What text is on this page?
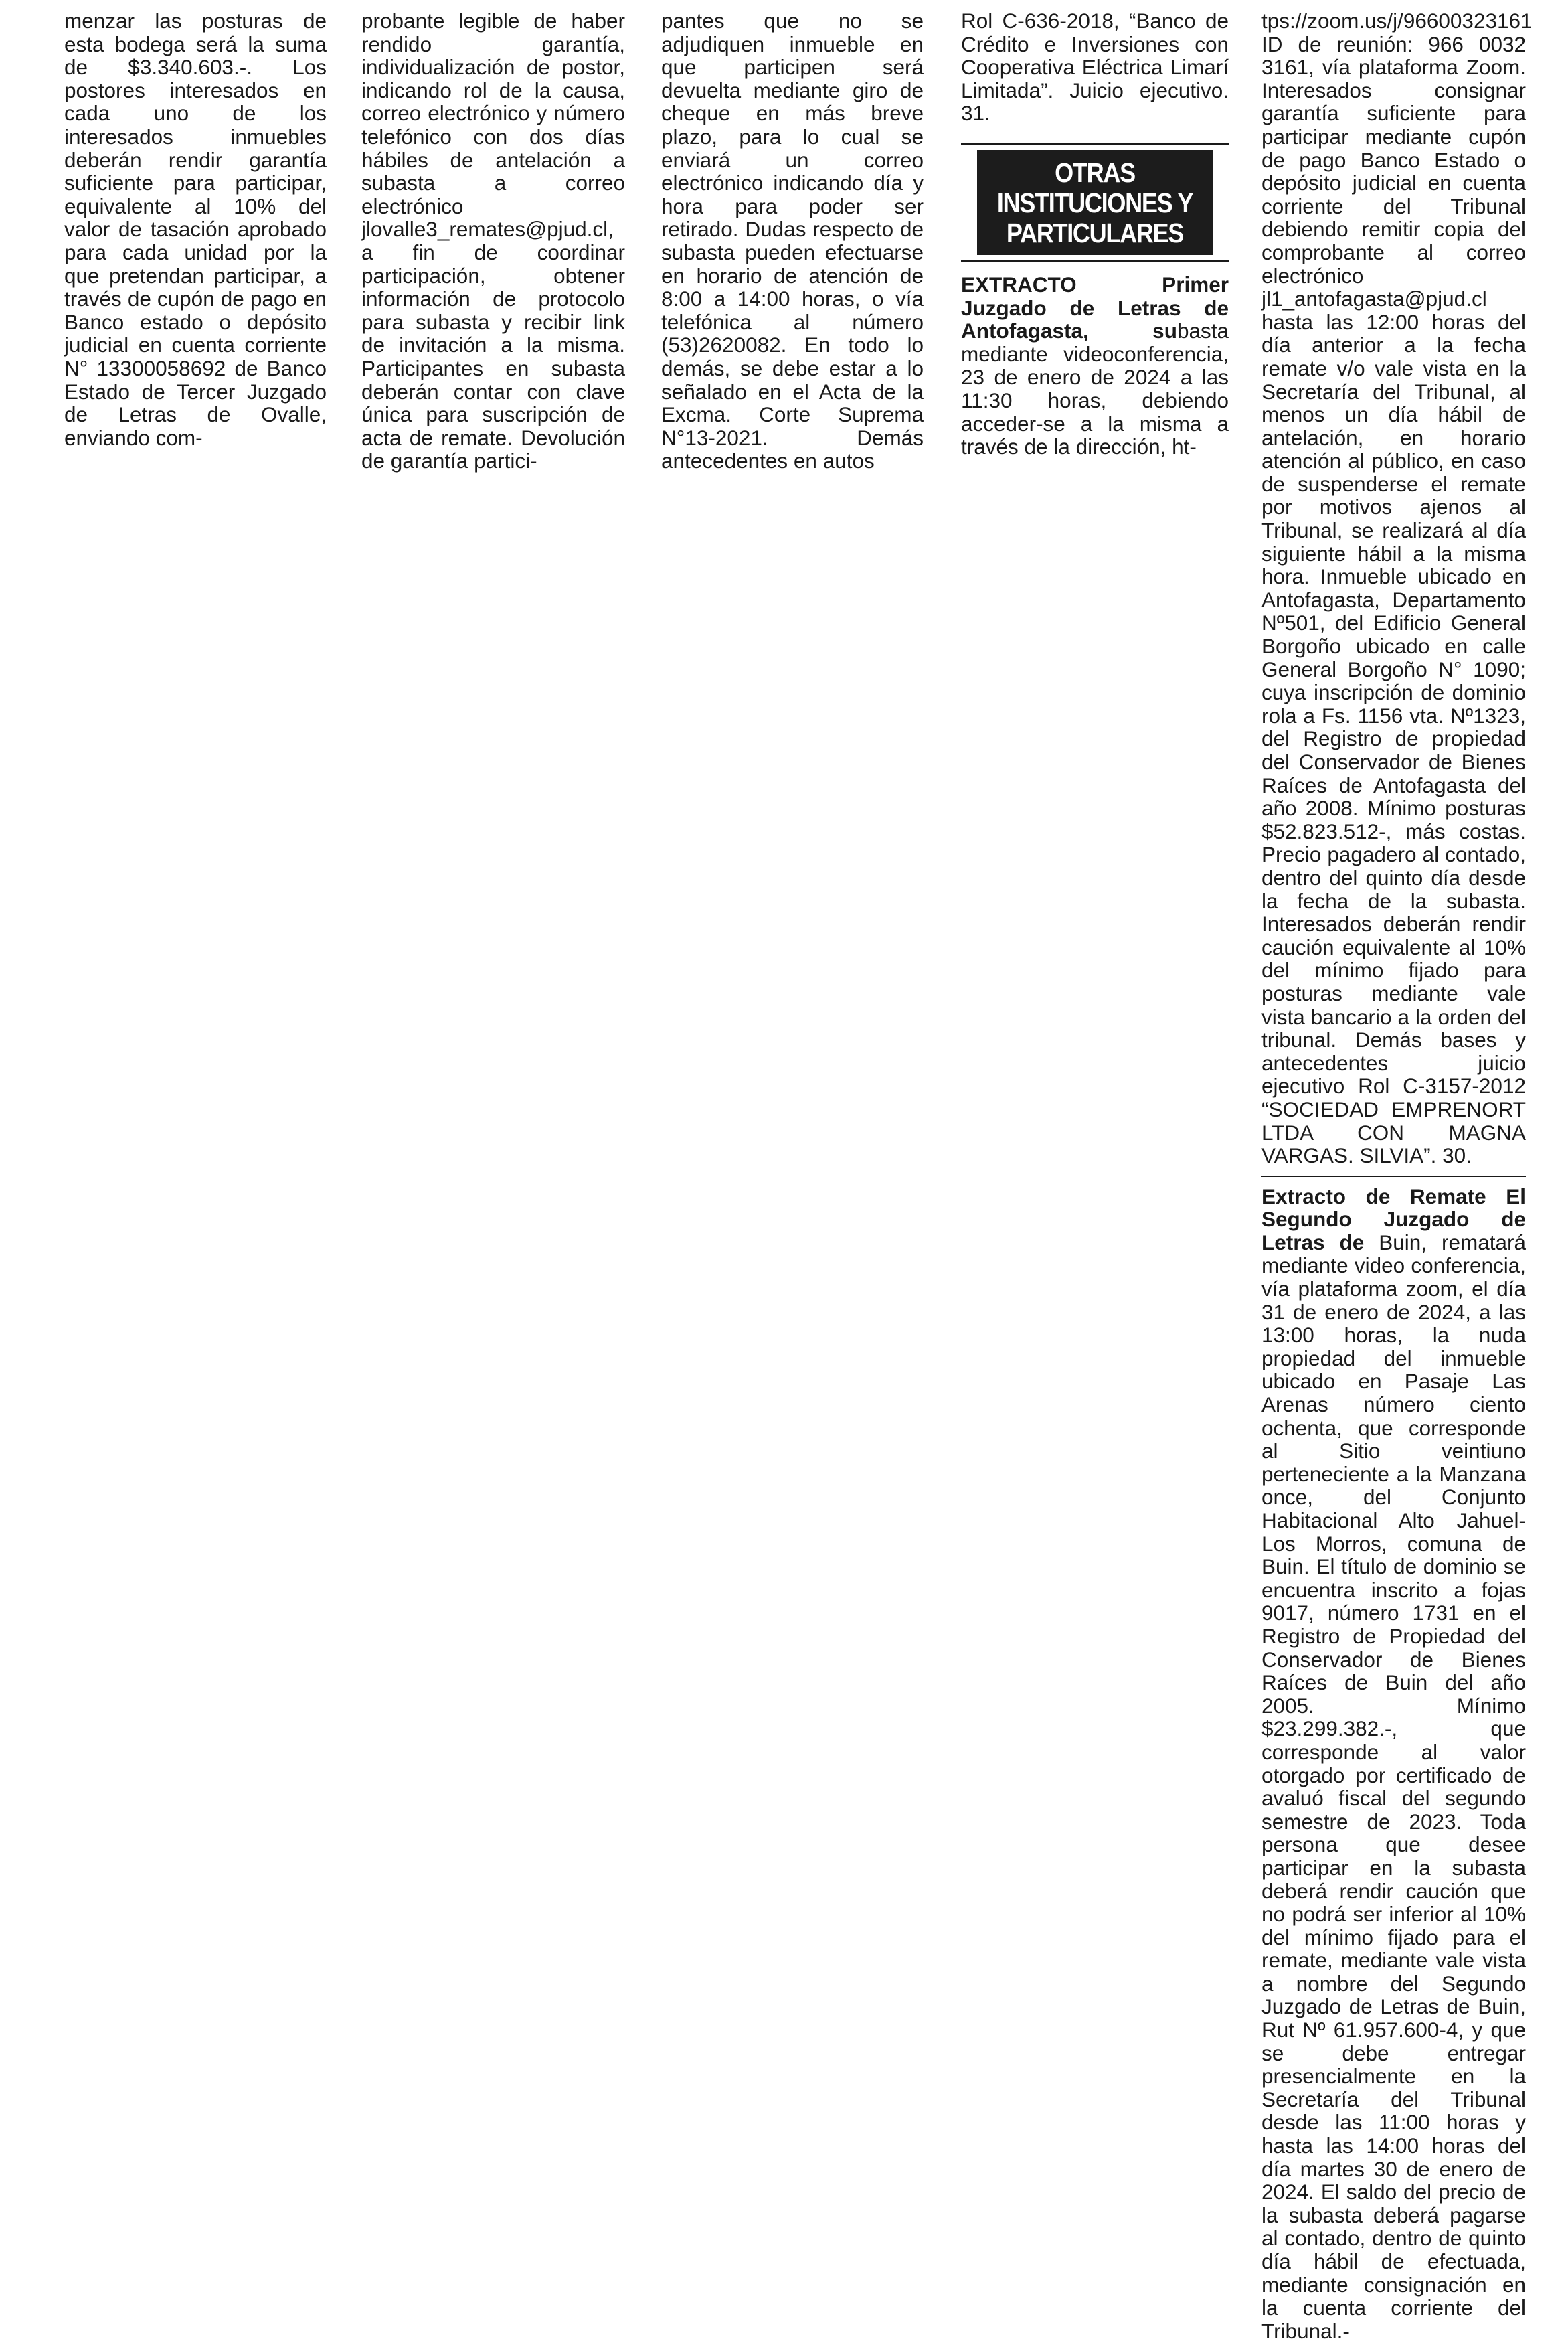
menzar las posturas de esta bodega será la suma de $3.340.603.-. Los postores interesados en cada uno de los interesados inmuebles deberán rendir garantía suficiente para participar, equivalente al 10% del valor de tasación aprobado para cada unidad por la que pretendan participar, a través de cupón de pago en Banco estado o depósito judicial en cuenta corriente N° 13300058692 de Banco Estado de Tercer Juzgado de Letras de Ovalle, enviando com-

probante legible de haber rendido garantía, individualización de postor, indicando rol de la causa, correo electrónico y número telefónico con dos días hábiles de antelación a subasta a correo electrónico jlovalle3_remates@pjud.cl, a fin de coordinar participación, obtener información de protocolo para subasta y recibir link de invitación a la misma. Participantes en subasta deberán contar con clave única para suscripción de acta de remate. Devolución de garantía partici-

pantes que no se adjudiquen inmueble en que participen será devuelta mediante giro de cheque en más breve plazo, para lo cual se enviará un correo electrónico indicando día y hora para poder ser retirado. Dudas respecto de subasta pueden efectuarse en horario de atención de 8:00 a 14:00 horas, o vía telefónica al número (53)2620082. En todo lo demás, se debe estar a lo señalado en el Acta de la Excma. Corte Suprema N°13-2021. Demás antecedentes en autos

Rol C-636-2018, “Banco de Crédito e Inversiones con Cooperativa Eléctrica Limarí Limitada”. Juicio ejecutivo. 31.

OTRAS INSTITUCIONES Y PARTICULARES

EXTRACTO Primer Juzgado de Letras de Antofagasta, subasta mediante videoconferencia, 23 de enero de 2024 a las 11:30 horas, debiendo acceder-se a la misma a través de la dirección, ht-

tps://zoom.us/j/96600323161 ID de reunión: 966 0032 3161, vía plataforma Zoom. Interesados consignar garantía suficiente para participar mediante cupón de pago Banco Estado o depósito judicial en cuenta corriente del Tribunal debiendo remitir copia del comprobante al correo electrónico jl1_antofagasta@pjud.cl hasta las 12:00 horas del día anterior a la fecha remate v/o vale vista en la Secretaría del Tribunal, al menos un día hábil de antelación, en horario atención al público, en caso de suspenderse el remate por motivos ajenos al Tribunal, se realizará al día siguiente hábil a la misma hora. Inmueble ubicado en Antofagasta, Departamento Nº501, del Edificio General Borgoño ubicado en calle General Borgoño N° 1090; cuya inscripción de dominio rola a Fs. 1156 vta. Nº1323, del Registro de propiedad del Conservador de Bienes Raíces de Antofagasta del año 2008. Mínimo posturas $52.823.512-, más costas. Precio pagadero al contado, dentro del quinto día desde la fecha de la subasta. Interesados deberán rendir caución equivalente al 10% del mínimo fijado para posturas mediante vale vista bancario a la orden del tribunal. Demás bases y antecedentes juicio ejecutivo Rol C-3157-2012 “SOCIEDAD EMPRENORT LTDA CON MAGNA VARGAS. SILVIA”. 30.

Extracto de Remate El Segundo Juzgado de Letras de Buin, rematará mediante video conferencia, vía plataforma zoom, el día 31 de enero de 2024, a las 13:00 horas, la nuda propiedad del inmueble ubicado en Pasaje Las Arenas número ciento ochenta, que corresponde al Sitio veintiuno perteneciente a la Manzana once, del Conjunto Habitacional Alto Jahuel-Los Morros, comuna de Buin. El título de dominio se encuentra inscrito a fojas 9017, número 1731 en el Registro de Propiedad del Conservador de Bienes Raíces de Buin del año 2005. Mínimo $23.299.382.-, que corresponde al valor otorgado por certificado de avaluó fiscal del segundo semestre de 2023. Toda persona que desee participar en la subasta deberá rendir caución que no podrá ser inferior al 10% del mínimo fijado para el remate, mediante vale vista a nombre del Segundo Juzgado de Letras de Buin, Rut Nº 61.957.600-4, y que se debe entregar presencialmente en la Secretaría del Tribunal desde las 11:00 horas y hasta las 14:00 horas del día martes 30 de enero de 2024. El saldo del precio de la subasta deberá pagarse al contado, dentro de quinto día hábil de efectuada, mediante consignación en la cuenta corriente del Tribunal.-
